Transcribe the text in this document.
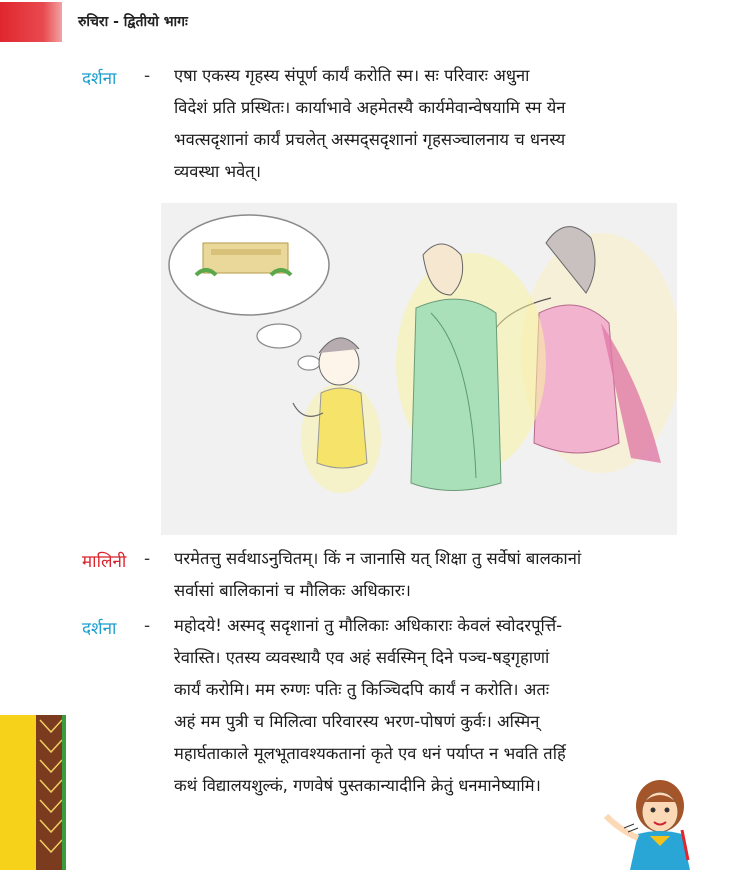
रुचिरा - द्वितीयो भागः
दर्शना - एषा एकस्य गृहस्य संपूर्ण कार्यं करोति स्म। सः परिवारः अधुना

विदेशं प्रति प्रस्थितः। कार्याभावे अहमेतस्यै कार्यमेवान्वेषयामि स्म येन

भवत्सदृशानां कार्यं प्रचलेत् अस्मद्सदृशानां गृहसञ्चालनाय च धनस्य

व्यवस्था भवेत्।

मालिनी - परमेतत्तु सर्वथाऽनुचितम्। किं न जानासि यत् शिक्षा तु सर्वेषां बालकानां

सर्वासां बालिकानां च मौलिकः अधिकारः।

दर्शना - महोदये! अस्मद् सदृशानां तु मौलिकाः अधिकाराः केवलं स्वोदरपूर्त्ति-

रेवास्ति। एतस्य व्यवस्थायै एव अहं सर्वस्मिन् दिने पञ्च-षड्गृहाणां

कार्यं करोमि। मम रुग्णः पतिः तु किञ्चिदपि कार्यं न करोति। अतः

अहं मम पुत्री च मिलित्वा परिवारस्य भरण-पोषणं कुर्वः। अस्मिन्

महार्घताकाले मूलभूतावश्यकतानां कृते एव धनं पर्याप्त न भवति तर्हि

कथं विद्यालयशुल्कं, गणवेषं पुस्तकान्यादीनि क्रेतुं धनमानेष्यामि।
